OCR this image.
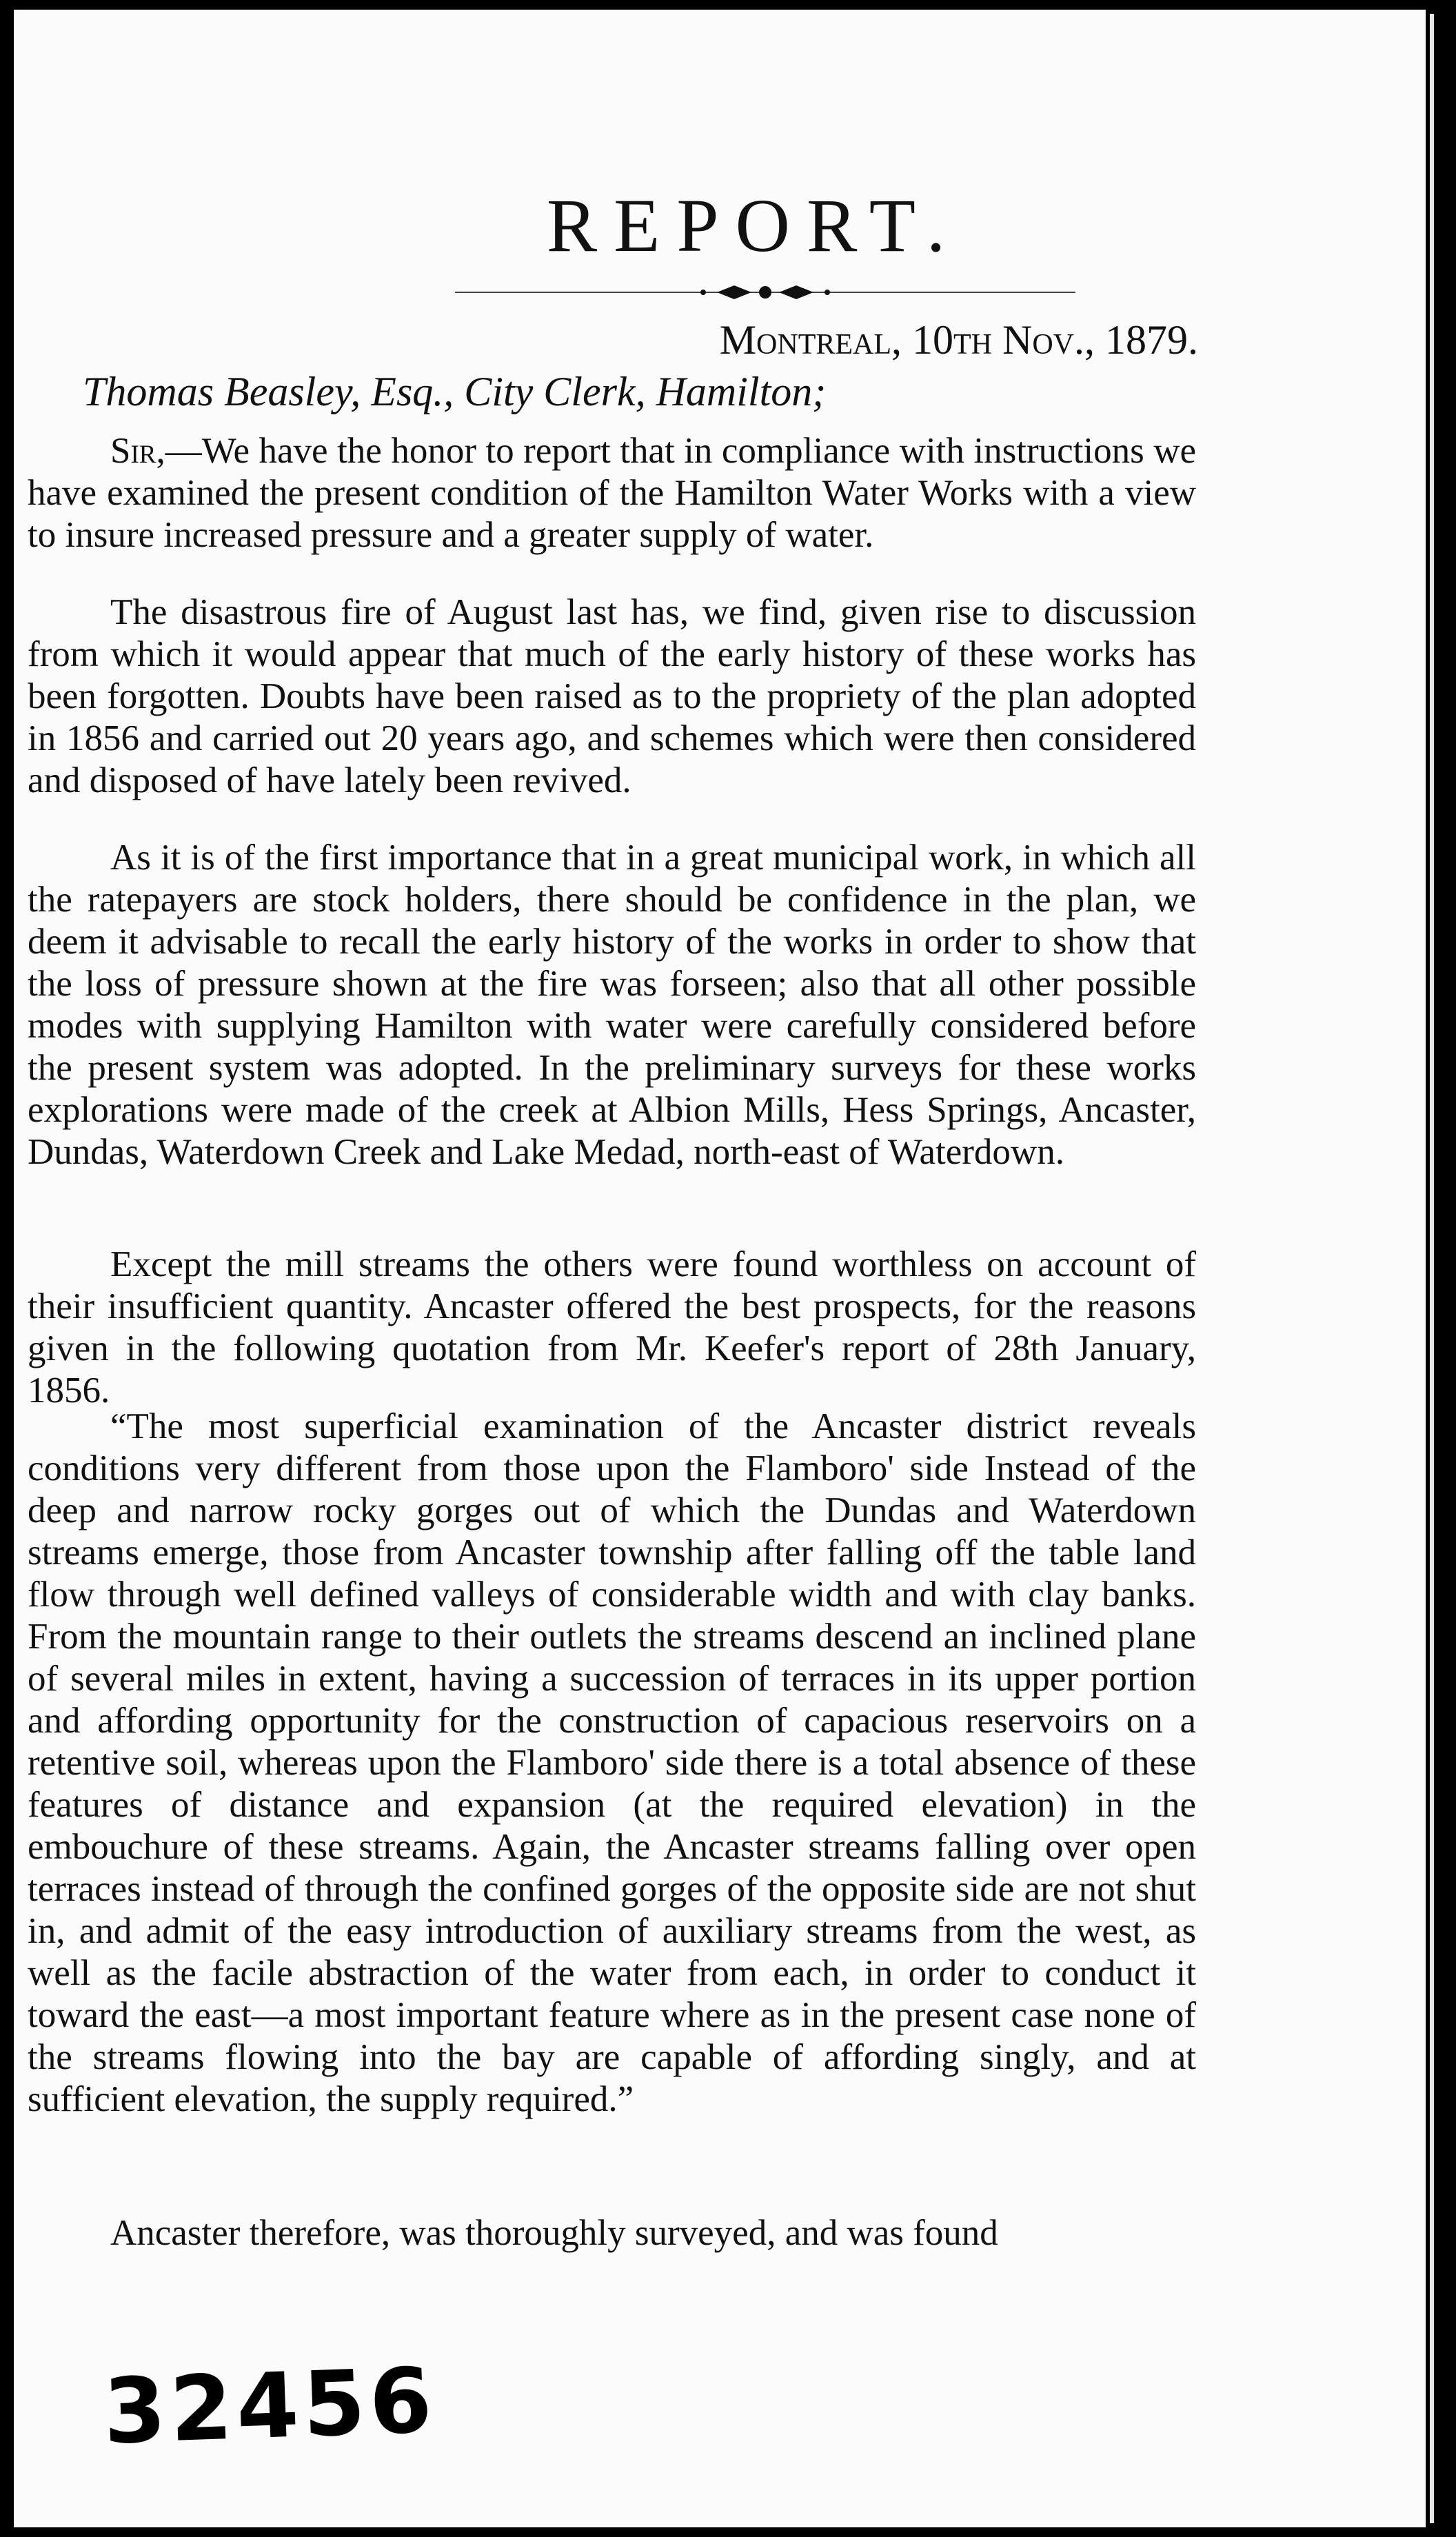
REPORT.
Montreal, 10th Nov., 1879.
Thomas Beasley, Esq., City Clerk, Hamilton;

Sir,—We have the honor to report that in compliance with instructions we have examined the present condition of the Hamilton Water Works with a view to insure increased pressure and a greater supply of water.

The disastrous fire of August last has, we find, given rise to discussion from which it would appear that much of the early history of these works has been forgotten. Doubts have been raised as to the propriety of the plan adopted in 1856 and carried out 20 years ago, and schemes which were then considered and disposed of have lately been revived.

As it is of the first importance that in a great municipal work, in which all the ratepayers are stock holders, there should be confidence in the plan, we deem it advisable to recall the early history of the works in order to show that the loss of pressure shown at the fire was forseen; also that all other possible modes with supplying Hamilton with water were carefully considered before the present system was adopted. In the preliminary surveys for these works explorations were made of the creek at Albion Mills, Hess Springs, Ancaster, Dundas, Waterdown Creek and Lake Medad, north-east of Waterdown.

Except the mill streams the others were found worthless on account of their insufficient quantity. Ancaster offered the best prospects, for the reasons given in the following quotation from Mr. Keefer's report of 28th January, 1856.

“The most superficial examination of the Ancaster district reveals conditions very different from those upon the Flamboro' side Instead of the deep and narrow rocky gorges out of which the Dundas and Waterdown streams emerge, those from Ancaster township after falling off the table land flow through well defined valleys of considerable width and with clay banks. From the mountain range to their outlets the streams descend an inclined plane of several miles in extent, having a succession of terraces in its upper portion and affording opportunity for the construction of capacious reservoirs on a retentive soil, whereas upon the Flamboro' side there is a total absence of these features of distance and expansion (at the required elevation) in the embouchure of these streams. Again, the Ancaster streams falling over open terraces instead of through the confined gorges of the opposite side are not shut in, and admit of the easy introduction of auxiliary streams from the west, as well as the facile abstraction of the water from each, in order to conduct it toward the east—a most important feature where as in the present case none of the streams flowing into the bay are capable of affording singly, and at sufficient elevation, the supply required.”

Ancaster therefore, was thoroughly surveyed, and was found

32456
